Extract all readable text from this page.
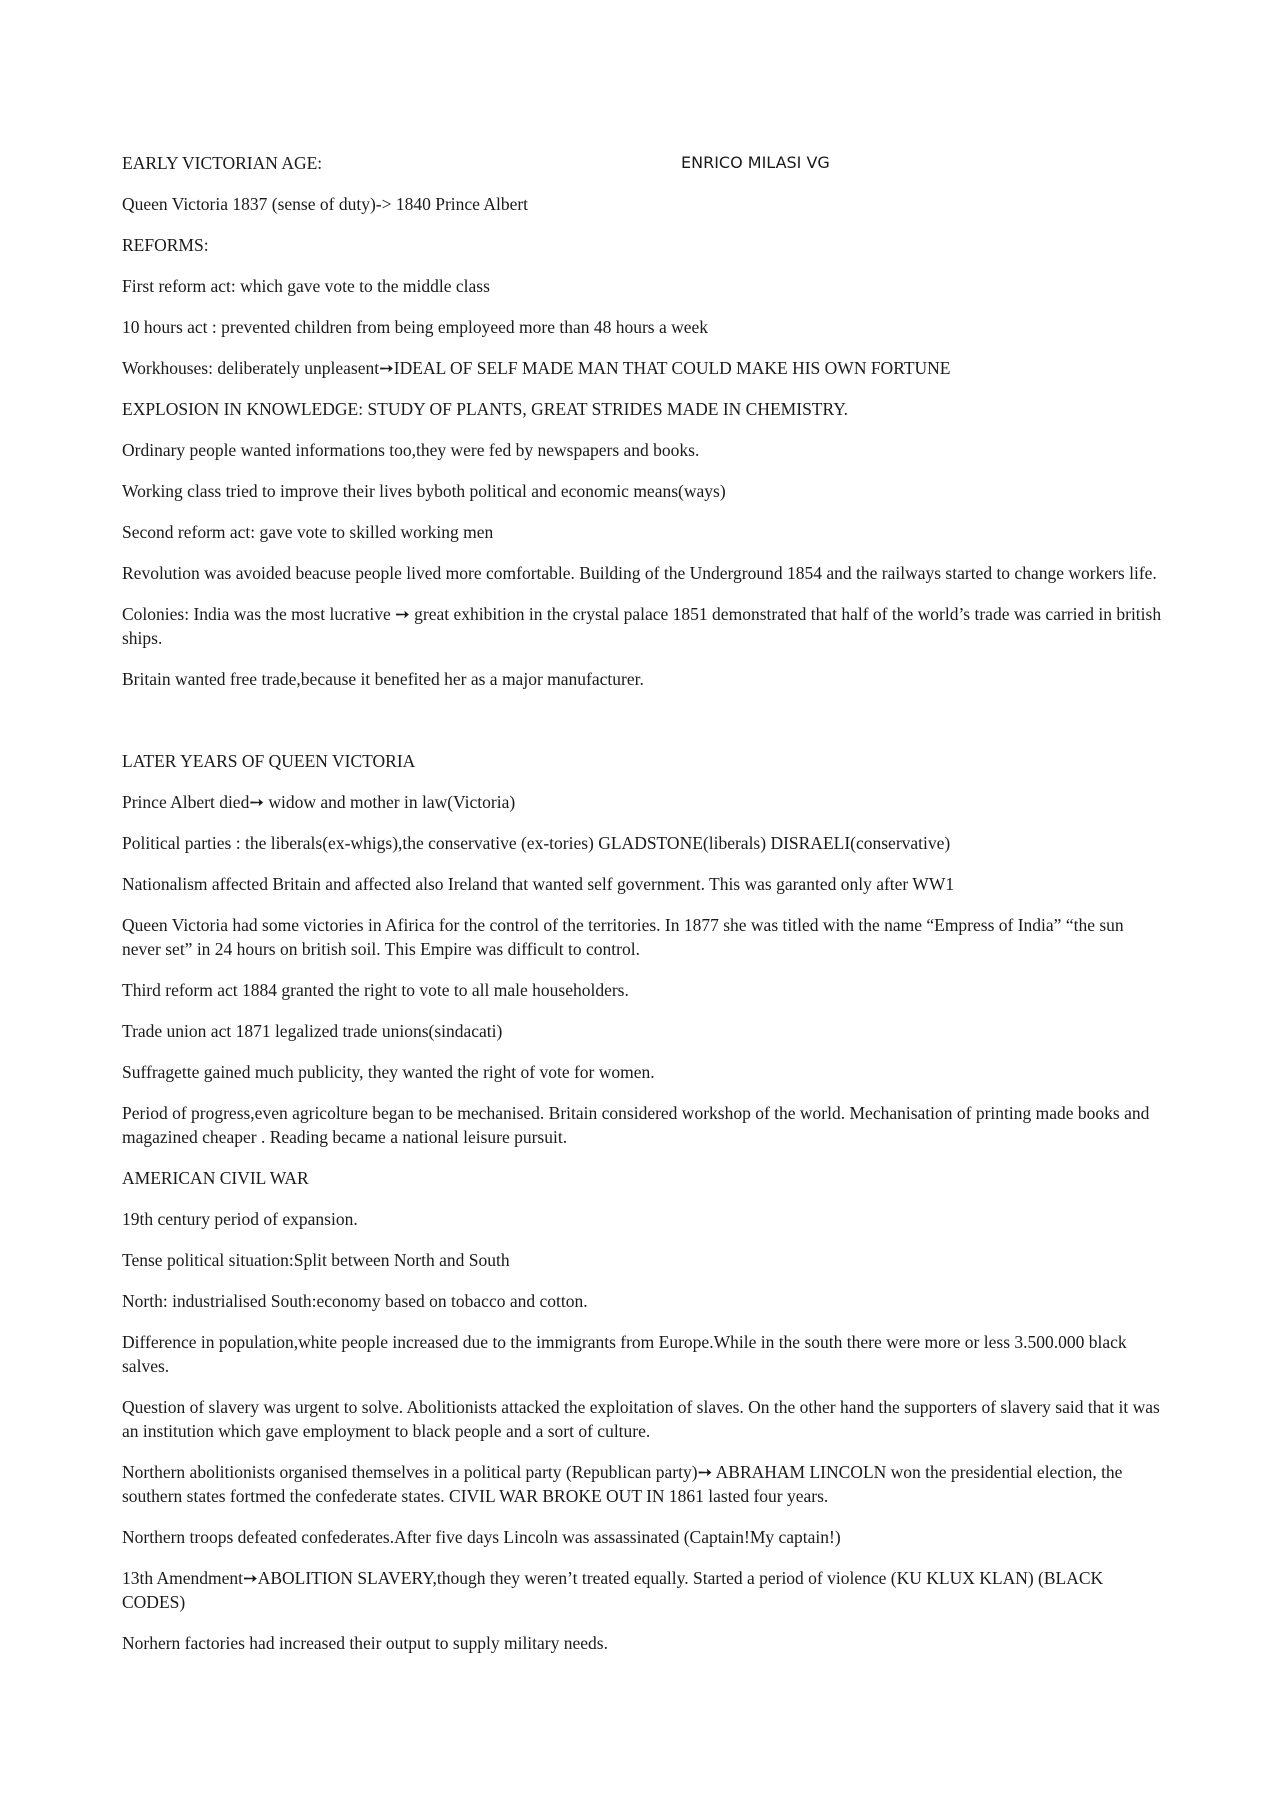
EARLY VICTORIAN AGE:	ENRICO MILASI VG

Queen Victoria 1837 (sense of duty)-> 1840 Prince Albert

REFORMS:

First reform act: which gave vote to the middle class

10 hours act : prevented children from being employeed more than 48 hours a week

Workhouses: deliberately unpleasent➙IDEAL OF SELF MADE MAN THAT COULD MAKE HIS OWN FORTUNE

EXPLOSION IN KNOWLEDGE: STUDY OF PLANTS, GREAT STRIDES MADE IN CHEMISTRY.

Ordinary people wanted informations too,they were fed by newspapers and books.

Working class tried to improve their lives byboth political and economic means(ways)

Second reform act: gave vote to skilled working men

Revolution was avoided beacuse people lived more comfortable. Building of the Underground 1854 and the railways started to change workers life.

Colonies: India was the most lucrative ➙ great exhibition in the crystal palace 1851 demonstrated that half of the world’s trade was carried in british ships.

Britain wanted free trade,because it benefited her as a major manufacturer.

LATER YEARS OF QUEEN VICTORIA

Prince Albert died➙ widow and mother in law(Victoria)

Political parties : the liberals(ex-whigs),the conservative (ex-tories) GLADSTONE(liberals) DISRAELI(conservative)

Nationalism affected Britain and affected also Ireland that wanted self government. This was garanted only after WW1

Queen Victoria had some victories in Afirica for the control of the territories. In 1877 she was titled with the name “Empress of India” “the sun never set” in 24 hours on british soil. This Empire was difficult to control.

Third reform act 1884 granted the right to vote to all male householders.

Trade union act 1871 legalized trade unions(sindacati)

Suffragette gained much publicity, they wanted the right of vote for women.

Period of progress,even agricolture began to be mechanised. Britain considered workshop of the world. Mechanisation of printing made books and magazined cheaper . Reading became a national leisure pursuit.

AMERICAN CIVIL WAR

19th century period of expansion.

Tense political situation:Split between North and South

North: industrialised South:economy based on tobacco and cotton.

Difference in population,white people increased due to the immigrants from Europe.While in the south there were more or less 3.500.000 black salves.

Question of slavery was urgent to solve. Abolitionists attacked the exploitation of slaves. On the other hand the supporters of slavery said that it was an institution which gave employment to black people and a sort of culture.

Northern abolitionists organised themselves in a political party (Republican party)➙ ABRAHAM LINCOLN won the presidential election, the southern states fortmed the confederate states. CIVIL WAR BROKE OUT IN 1861 lasted four years.

Northern troops defeated confederates.After five days Lincoln was assassinated (Captain!My captain!)

13th Amendment➙ABOLITION SLAVERY,though they weren’t treated equally. Started a period of violence (KU KLUX KLAN) (BLACK CODES)

Norhern factories had increased their output to supply military needs.
